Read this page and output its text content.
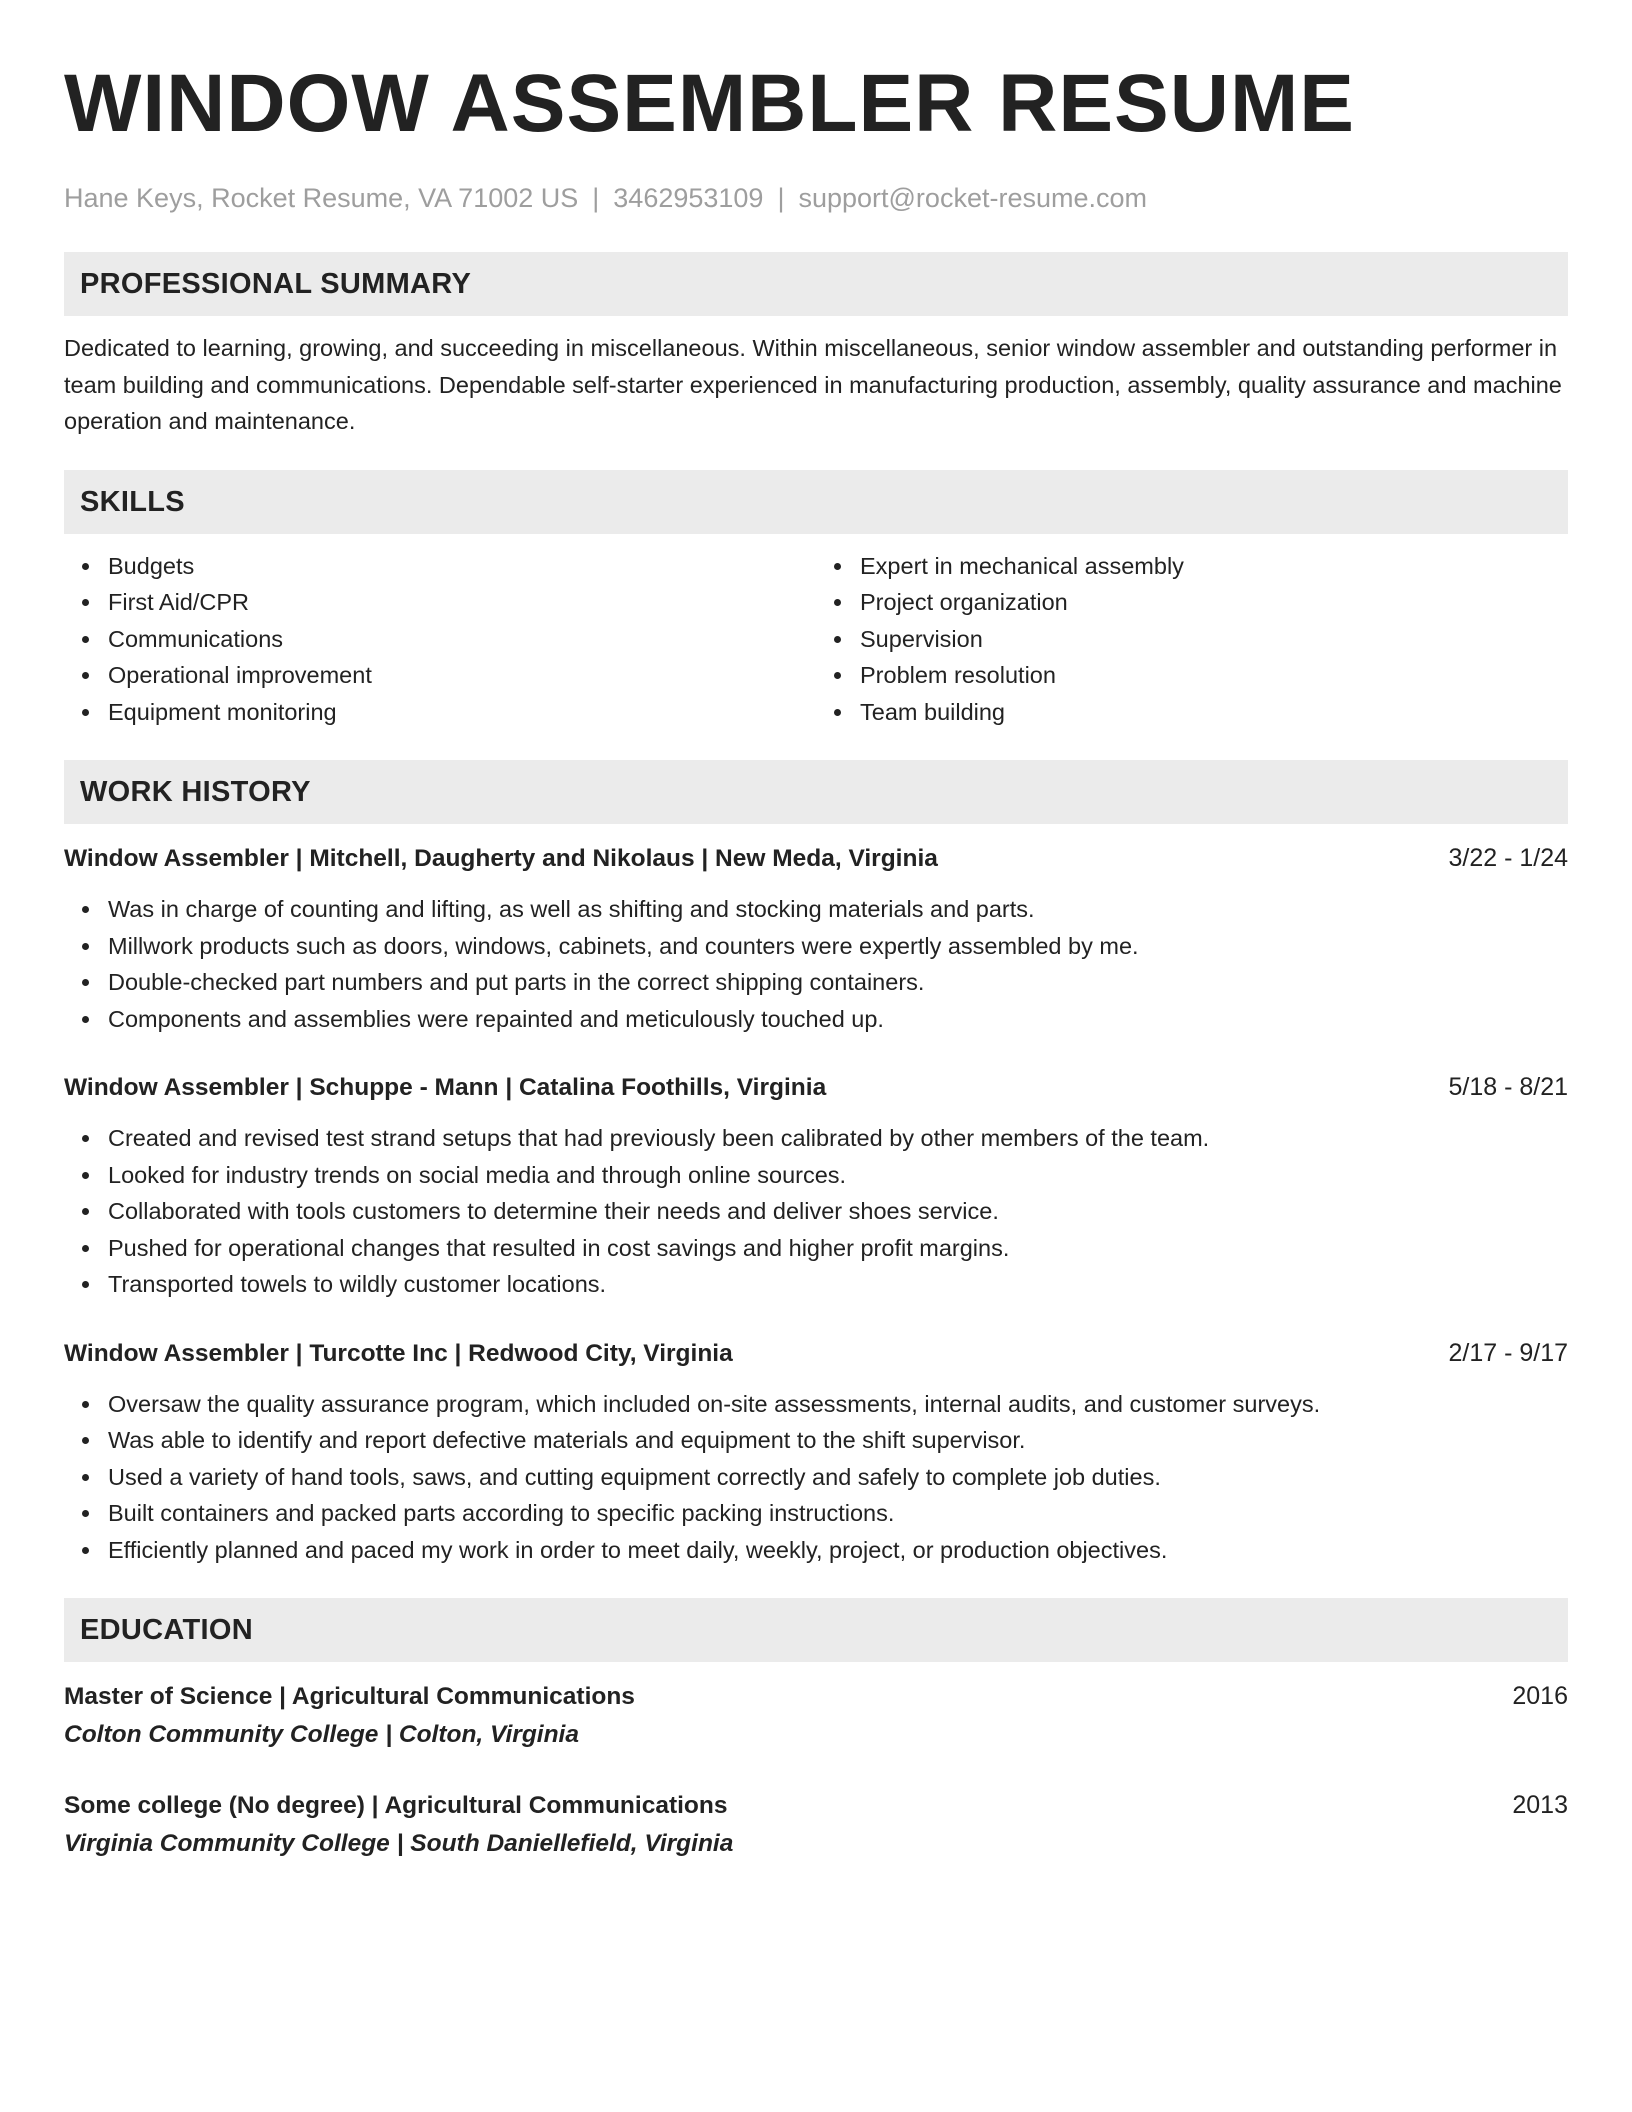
WINDOW ASSEMBLER RESUME
Hane Keys, Rocket Resume, VA 71002 US | 3462953109 | support@rocket-resume.com
PROFESSIONAL SUMMARY
Dedicated to learning, growing, and succeeding in miscellaneous. Within miscellaneous, senior window assembler and outstanding performer in team building and communications. Dependable self-starter experienced in manufacturing production, assembly, quality assurance and machine operation and maintenance.
SKILLS
Budgets
First Aid/CPR
Communications
Operational improvement
Equipment monitoring
Expert in mechanical assembly
Project organization
Supervision
Problem resolution
Team building
WORK HISTORY
Window Assembler | Mitchell, Daugherty and Nikolaus | New Meda, Virginia	3/22 - 1/24
Was in charge of counting and lifting, as well as shifting and stocking materials and parts.
Millwork products such as doors, windows, cabinets, and counters were expertly assembled by me.
Double-checked part numbers and put parts in the correct shipping containers.
Components and assemblies were repainted and meticulously touched up.
Window Assembler | Schuppe - Mann | Catalina Foothills, Virginia	5/18 - 8/21
Created and revised test strand setups that had previously been calibrated by other members of the team.
Looked for industry trends on social media and through online sources.
Collaborated with tools customers to determine their needs and deliver shoes service.
Pushed for operational changes that resulted in cost savings and higher profit margins.
Transported towels to wildly customer locations.
Window Assembler | Turcotte Inc | Redwood City, Virginia	2/17 - 9/17
Oversaw the quality assurance program, which included on-site assessments, internal audits, and customer surveys.
Was able to identify and report defective materials and equipment to the shift supervisor.
Used a variety of hand tools, saws, and cutting equipment correctly and safely to complete job duties.
Built containers and packed parts according to specific packing instructions.
Efficiently planned and paced my work in order to meet daily, weekly, project, or production objectives.
EDUCATION
Master of Science | Agricultural Communications	2016
Colton Community College | Colton, Virginia
Some college (No degree) | Agricultural Communications	2013
Virginia Community College | South Daniellefield, Virginia
